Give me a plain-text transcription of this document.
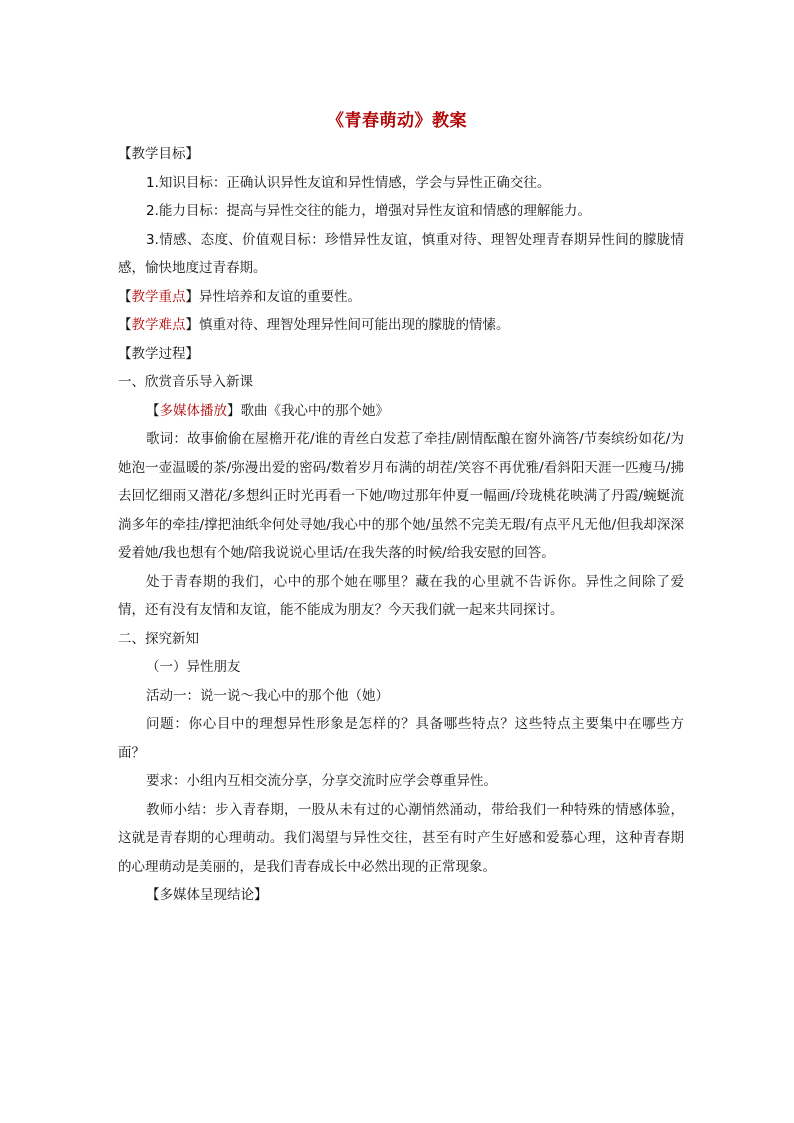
《青春萌动》教案

【教学目标】

1.知识目标：正确认识异性友谊和异性情感，学会与异性正确交往。

2.能力目标：提高与异性交往的能力，增强对异性友谊和情感的理解能力。

3.情感、态度、价值观目标：珍惜异性友谊，慎重对待、理智处理青春期异性间的朦胧情感，愉快地度过青春期。

【教学重点】异性培养和友谊的重要性。

【教学难点】慎重对待、理智处理异性间可能出现的朦胧的情愫。

【教学过程】

一、欣赏音乐导入新课

【多媒体播放】歌曲《我心中的那个她》

歌词：故事偷偷在屋檐开花/谁的青丝白发惹了牵挂/剧情酝酿在窗外滴答/节奏缤纷如花/为她泡一壶温暖的茶/弥漫出爱的密码/数着岁月布满的胡茬/笑容不再优雅/看斜阳天涯一匹瘦马/拂去回忆细雨又潜花/多想纠正时光再看一下她/吻过那年仲夏一幅画/玲珑桃花映满了丹霞/蜿蜒流淌多年的牵挂/撑把油纸伞何处寻她/我心中的那个她/虽然不完美无瑕/有点平凡无他/但我却深深爱着她/我也想有个她/陪我说说心里话/在我失落的时候/给我安慰的回答。

处于青春期的我们，心中的那个她在哪里？藏在我的心里就不告诉你。异性之间除了爱情，还有没有友情和友谊，能不能成为朋友？今天我们就一起来共同探讨。

二、探究新知

（一）异性朋友

活动一：说一说～我心中的那个他（她）

问题：你心目中的理想异性形象是怎样的？具备哪些特点？这些特点主要集中在哪些方面？

要求：小组内互相交流分享，分享交流时应学会尊重异性。

教师小结：步入青春期，一股从未有过的心潮悄然涌动，带给我们一种特殊的情感体验，这就是青春期的心理萌动。我们渴望与异性交往，甚至有时产生好感和爱慕心理，这种青春期的心理萌动是美丽的，是我们青春成长中必然出现的正常现象。

【多媒体呈现结论】
